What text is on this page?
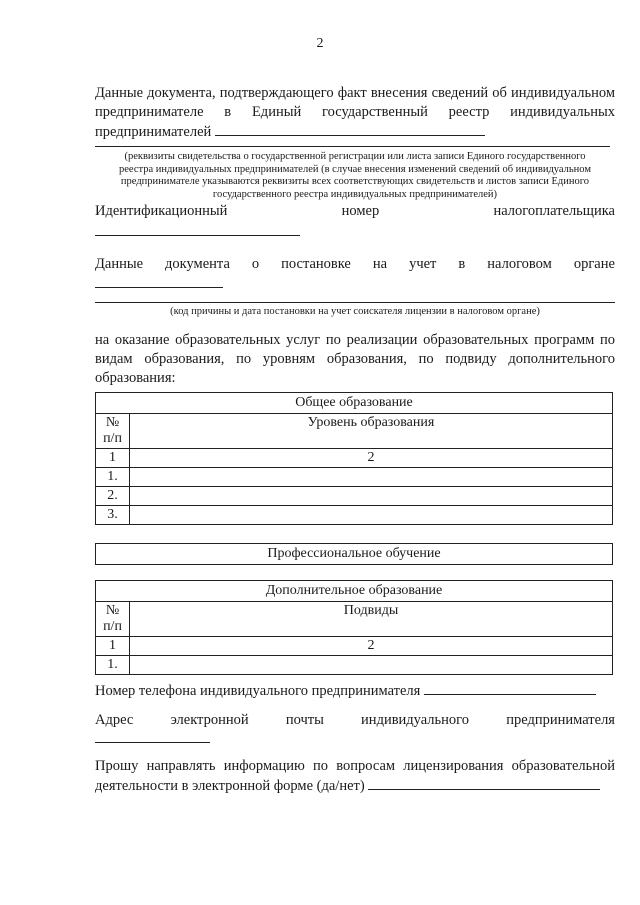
2
Данные документа, подтверждающего факт внесения сведений об индивидуальном предпринимателе в Единый государственный реестр индивидуальных предпринимателей
(реквизиты свидетельства о государственной регистрации или листа записи Единого государственного реестра индивидуальных предпринимателей (в случае внесения изменений сведений об индивидуальном предпринимателе указываются реквизиты всех соответствующих свидетельств и листов записи Единого государственного реестра индивидуальных предпринимателей)
Идентификационный	номер	налогоплательщика
Данные документа о постановке на учет в налоговом органе
(код причины и дата постановки на учет соискателя лицензии в налоговом органе)
на оказание образовательных услуг по реализации образовательных программ по видам образования, по уровням образования, по подвиду дополнительного образования:
Общее образование	
№
п/п	Уровень образования
1	2
1.	
2.	
3.	
Профессиональное обучение
Дополнительное образование	
№
п/п	Подвиды
1	2
1.	
Номер телефона индивидуального предпринимателя
Адрес	электронной	почты	индивидуального	предпринимателя
Прошу направлять информацию по вопросам лицензирования образовательной
деятельности в электронной форме (да/нет)
